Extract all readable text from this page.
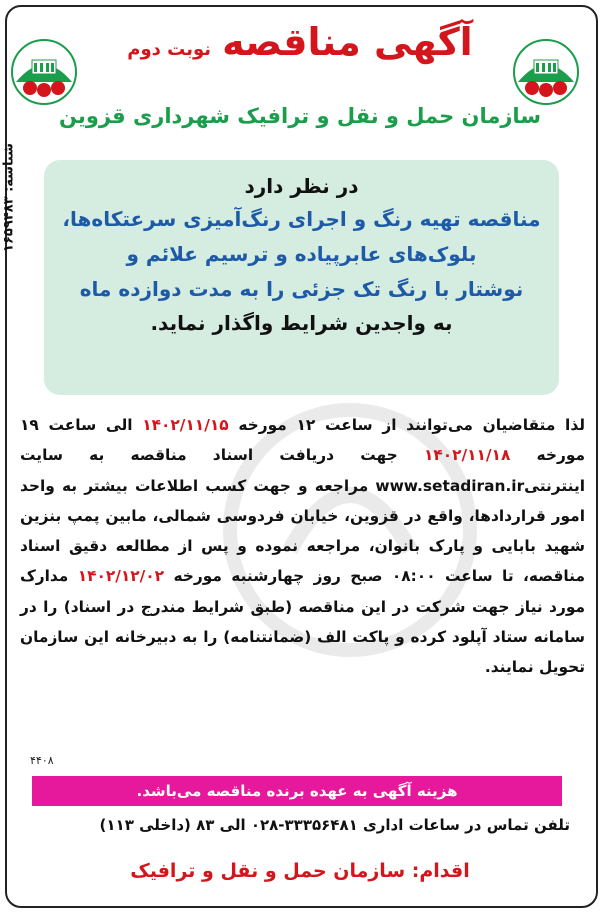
آگهی مناقصه نوبت دوم
سازمان حمل و نقل و ترافیک شهرداری قزوین
شناسه: ۱۶۵۹۴۸۳	در نظر دارد
مناقصه تهیه رنگ و اجرای رنگ‌آمیزی سرعتکاه‌ها،
بلوک‌های عابرپیاده و ترسیم علائم و
نوشتار با رنگ تک جزئی را به مدت دوازده ماه
به واجدین شرایط واگذار نماید.
لذا متقاضیان می‌توانند از ساعت ۱۲ مورخه ۱۴۰۲/۱۱/۱۵ الی ساعت ۱۹ مورخه ۱۴۰۲/۱۱/۱۸ جهت دریافت اسناد مناقصه به سایت اینترنتیwww.setadiran.ir مراجعه و جهت کسب اطلاعات بیشتر به واحد امور قراردادها، واقع در قزوین، خیابان فردوسی شمالی، مابین پمپ بنزین شهید بابایی و پارک بانوان، مراجعه نموده و پس از مطالعه دقیق اسناد مناقصه، تا ساعت ۰۸:۰۰ صبح روز چهارشنبه مورخه ۱۴۰۲/۱۲/۰۲ مدارک مورد نیاز جهت شرکت در این مناقصه (طبق شرایط مندرج در اسناد) را در سامانه ستاد آپلود کرده و پاکت الف (ضمانتنامه) را به دبیرخانه این سازمان تحویل نمایند.
۴۴۰۸
هزینه آگهی به عهده برنده مناقصه می‌باشد.
تلفن تماس در ساعات اداری ۳۳۳۵۶۴۸۱-۰۲۸ الی ۸۳ (داخلی ۱۱۳)
اقدام: سازمان حمل و نقل و ترافیک
